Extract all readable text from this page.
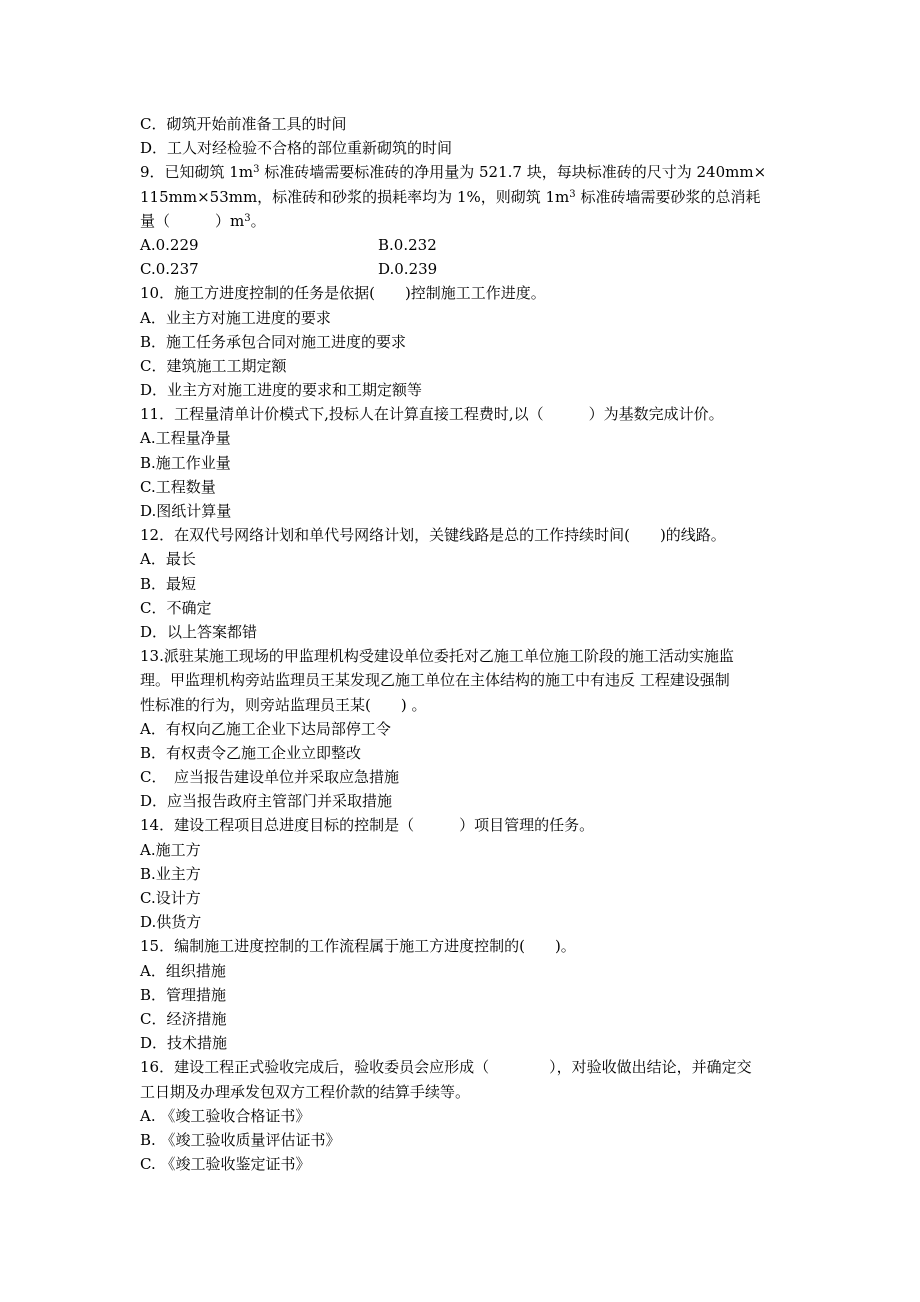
C．砌筑开始前准备工具的时间
D．工人对经检验不合格的部位重新砌筑的时间
9．已知砌筑 $1m^3$ 标准砖墙需要标准砖的净用量为 521.7 块，每块标准砖的尺寸为 240mm×
115mm×53mm，标准砖和砂浆的损耗率均为 1%，则砌筑 $1m^3$ 标准砖墙需要砂浆的总消耗
量（　　　）$m^3$。
A.0.229	B.0.232
C.0.237	D.0.239
10．施工方进度控制的任务是依据(　　)控制施工工作进度。
A．业主方对施工进度的要求
B．施工任务承包合同对施工进度的要求
C．建筑施工工期定额
D．业主方对施工进度的要求和工期定额等
11．工程量清单计价模式下,投标人在计算直接工程费时,以（　　　）为基数完成计价。
A.工程量净量
B.施工作业量
C.工程数量
D.图纸计算量
12．在双代号网络计划和单代号网络计划，关键线路是总的工作持续时间(　　)的线路。
A．最长
B．最短
C．不确定
D．以上答案都错
13.派驻某施工现场的甲监理机构受建设单位委托对乙施工单位施工阶段的施工活动实施监
理。甲监理机构旁站监理员王某发现乙施工单位在主体结构的施工中有违反 工程建设强制
性标准的行为，则旁站监理员王某(　　) 。
A．有权向乙施工企业下达局部停工令
B．有权责令乙施工企业立即整改
C．　应当报告建设单位并采取应急措施
D．应当报告政府主管部门并采取措施
14．建设工程项目总进度目标的控制是（　　　）项目管理的任务。
A.施工方
B.业主方
C.设计方
D.供货方
15．编制施工进度控制的工作流程属于施工方进度控制的(　　)。
A．组织措施
B．管理措施
C．经济措施
D．技术措施
16．建设工程正式验收完成后，验收委员会应形成（　　　　），对验收做出结论，并确定交
工日期及办理承发包双方工程价款的结算手续等。
A. 《竣工验收合格证书》
B. 《竣工验收质量评估证书》
C. 《竣工验收鉴定证书》
